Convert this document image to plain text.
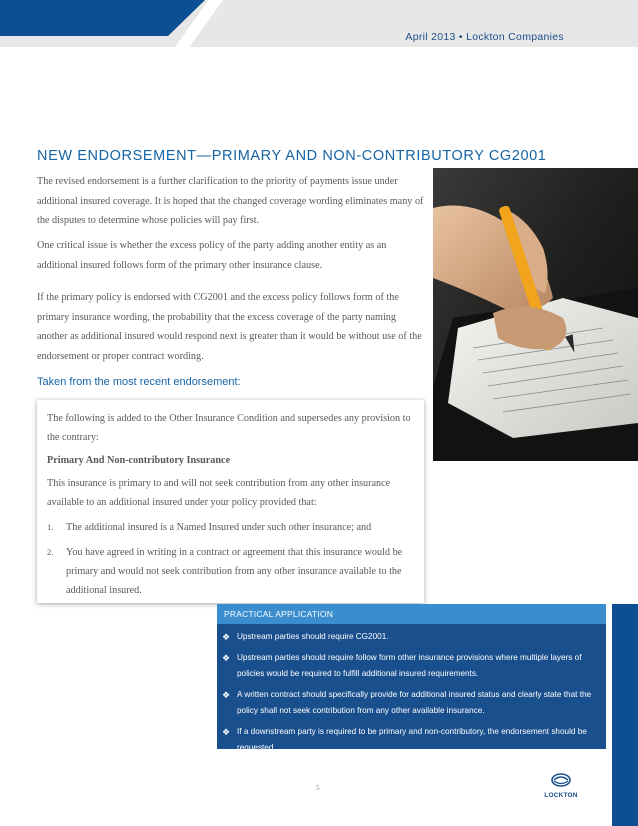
April 2013 • Lockton Companies
NEW ENDORSEMENT—PRIMARY AND NON-CONTRIBUTORY CG2001
The revised endorsement is a further clarification to the priority of payments issue under additional insured coverage. It is hoped that the changed coverage wording eliminates many of the disputes to determine whose policies will pay first.
One critical issue is whether the excess policy of the party adding another entity as an additional insured follows form of the primary other insurance clause.
If the primary policy is endorsed with CG2001 and the excess policy follows form of the primary insurance wording, the probability that the excess coverage of the party naming another as additional insured would respond next is greater than it would be without use of the endorsement or proper contract wording.
Taken from the most recent endorsement:

The following is added to the Other Insurance Condition and supersedes any provision to the contrary:

Primary And Non-contributory Insurance

This insurance is primary to and will not seek contribution from any other insurance available to an additional insured under your policy provided that:

1. The additional insured is a Named Insured under such other insurance; and

2. You have agreed in writing in a contract or agreement that this insurance would be primary and would not seek contribution from any other insurance available to the additional insured.

PRACTICAL APPLICATION
❖ Upstream parties should require CG2001.
❖ Upstream parties should require follow form other insurance provisions where multiple layers of policies would be required to fulfill additional insured requirements.
❖ A written contract should specifically provide for additional insured status and clearly state that the policy shall not seek contribution from any other available insurance.
❖ If a downstream party is required to be primary and non-contributory, the endorsement should be requested.
5
LOCKTON
